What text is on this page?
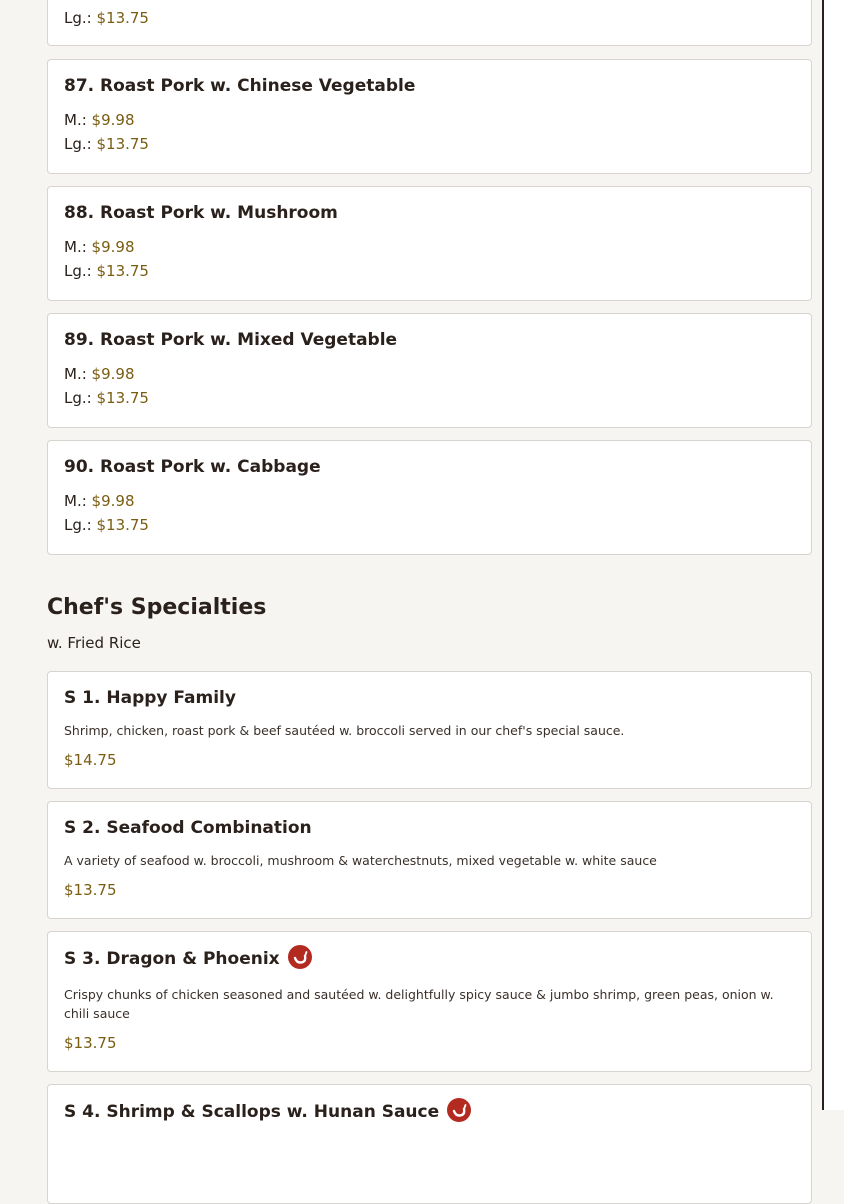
Lg.: $13.75
87. Roast Pork w. Chinese Vegetable
M.: $9.98
Lg.: $13.75
88. Roast Pork w. Mushroom
M.: $9.98
Lg.: $13.75
89. Roast Pork w. Mixed Vegetable
M.: $9.98
Lg.: $13.75
90. Roast Pork w. Cabbage
M.: $9.98
Lg.: $13.75
Chef's Specialties
w. Fried Rice
S 1. Happy Family
Shrimp, chicken, roast pork & beef sautéed w. broccoli served in our chef's special sauce.
$14.75
S 2. Seafood Combination
A variety of seafood w. broccoli, mushroom & waterchestnuts, mixed vegetable w. white sauce
$13.75
S 3. Dragon & Phoenix
Crispy chunks of chicken seasoned and sautéed w. delightfully spicy sauce & jumbo shrimp, green peas, onion w. chili sauce
$13.75
S 4. Shrimp & Scallops w. Hunan Sauce
